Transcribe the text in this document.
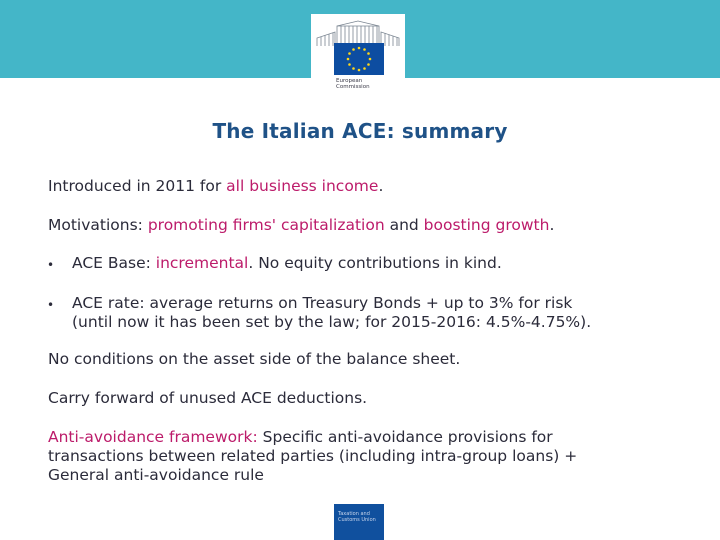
European
Commission
The Italian ACE: summary
Introduced in 2011 for all business income.
Motivations: promoting firms' capitalization and boosting growth.
• ACE Base: incremental. No equity contributions in kind.
• ACE rate: average returns on Treasury Bonds + up to 3% for risk
(until now it has been set by the law; for 2015-2016: 4.5%-4.75%).
No conditions on the asset side of the balance sheet.
Carry forward of unused ACE deductions.
Anti-avoidance framework: Specific anti-avoidance provisions for
transactions between related parties (including intra-group loans) +
General anti-avoidance rule
Taxation and
Customs Union
